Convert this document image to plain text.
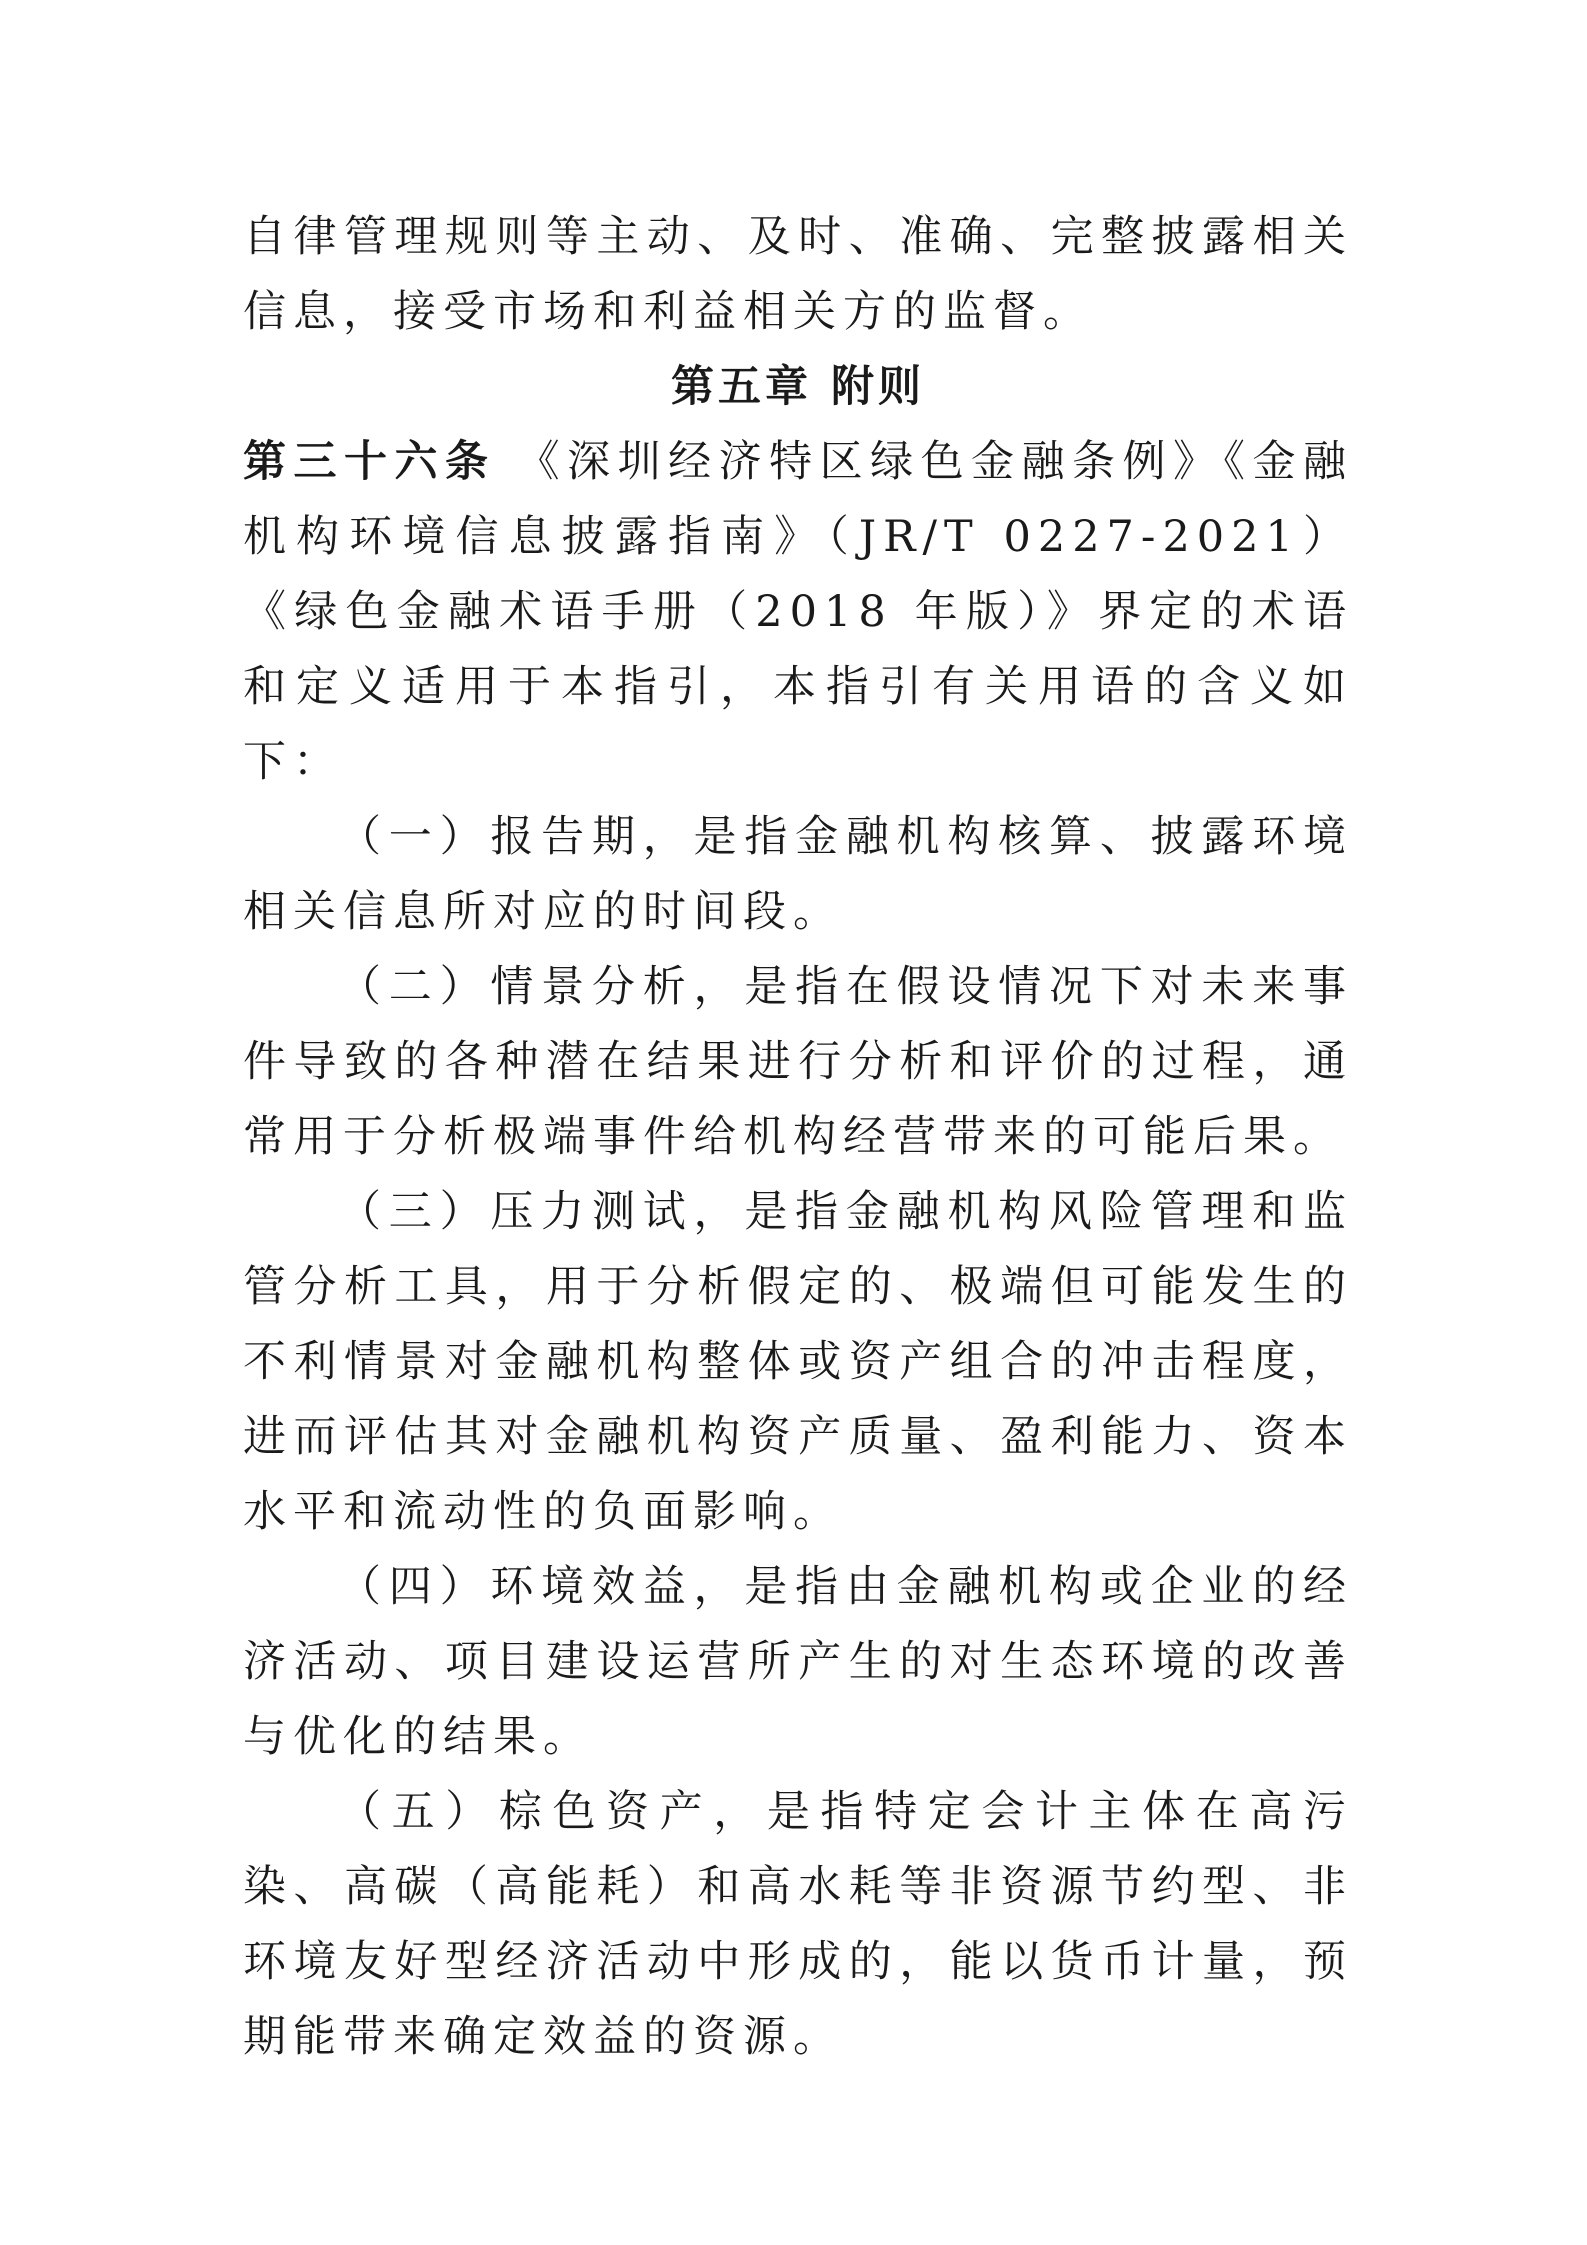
自律管理规则等主动、及时、准确、完整披露相关信息，接受市场和利益相关方的监督。

第五章 附则

第三十六条 《深圳经济特区绿色金融条例》《金融机构环境信息披露指南》（JR/T 0227-2021）《绿色金融术语手册（2018 年版）》界定的术语和定义适用于本指引，本指引有关用语的含义如下：

（一）报告期，是指金融机构核算、披露环境相关信息所对应的时间段。

（二）情景分析，是指在假设情况下对未来事件导致的各种潜在结果进行分析和评价的过程，通常用于分析极端事件给机构经营带来的可能后果。

（三）压力测试，是指金融机构风险管理和监管分析工具，用于分析假定的、极端但可能发生的不利情景对金融机构整体或资产组合的冲击程度，进而评估其对金融机构资产质量、盈利能力、资本水平和流动性的负面影响。

（四）环境效益，是指由金融机构或企业的经济活动、项目建设运营所产生的对生态环境的改善与优化的结果。

（五）棕色资产，是指特定会计主体在高污染、高碳（高能耗）和高水耗等非资源节约型、非环境友好型经济活动中形成的，能以货币计量，预期能带来确定效益的资源。
